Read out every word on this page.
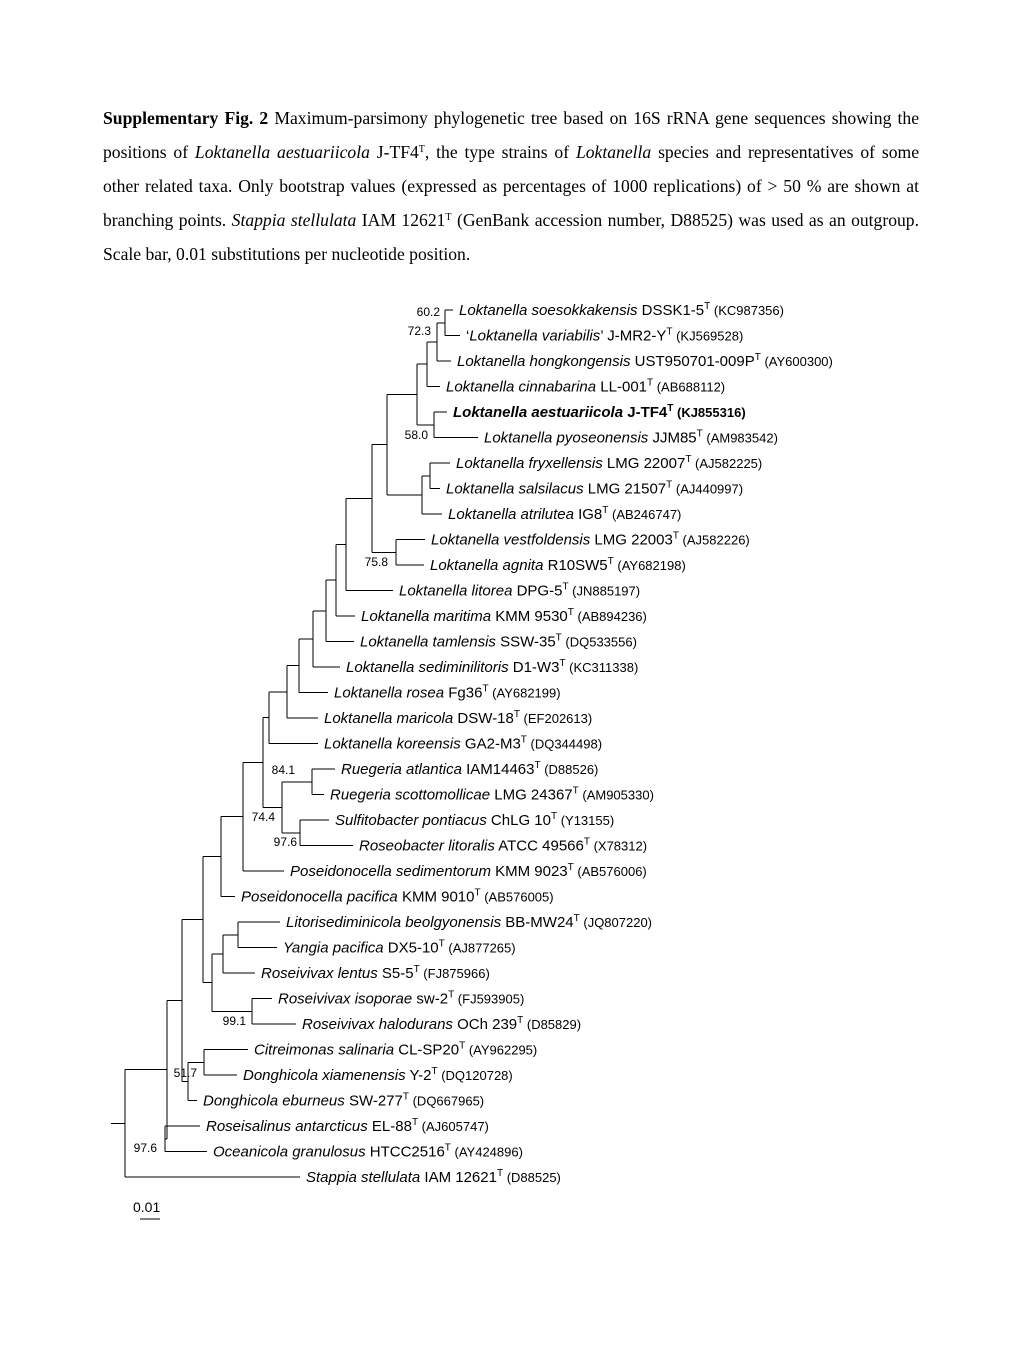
Supplementary Fig. 2 Maximum-parsimony phylogenetic tree based on 16S rRNA gene sequences showing the positions of Loktanella aestuariicola $J-TF4^T$, the type strains of Loktanella species and representatives of some other related taxa. Only bootstrap values (expressed as percentages of 1000 replications) of > 50 % are shown at branching points. Stappia stellulata IAM $12621^T$ (GenBank accession number, D88525) was used as an outgroup. Scale bar, 0.01 substitutions per nucleotide position.
Loktanella soesokkakensis $DSSK1-5^T$ (KC987356)
‘Loktanella variabilis’ $J-MR2-Y^T$ (KJ569528)
Loktanella hongkongensis $UST950701-009P^T$ (AY600300)
Loktanella cinnabarina $LL-001^T$ (AB688112)
Loktanella aestuariicola $J-TF4^T$ (KJ855316)
Loktanella pyoseonensis $JJM85^T$ (AM983542)
Loktanella fryxellensis LMG $22007^T$ (AJ582225)
Loktanella salsilacus LMG $21507^T$ (AJ440997)
Loktanella atrilutea $IG8^T$ (AB246747)
Loktanella vestfoldensis LMG $22003^T$ (AJ582226)
Loktanella agnita $R10SW5^T$ (AY682198)
Loktanella litorea DPG-$5^T$ (JN885197)
Loktanella maritima KMM $9530^T$ (AB894236)
Loktanella tamlensis SSW-$35^T$ (DQ533556)
Loktanella sediminilitoris $D1-W3^T$ (KC311338)
Loktanella rosea $Fg36^T$ (AY682199)
Loktanella maricola DSW-$18^T$ (EF202613)
Loktanella koreensis $GA2-M3^T$ (DQ344498)
Ruegeria atlantica $IAM14463^T$ (D88526)
Ruegeria scottomollicae LMG $24367^T$ (AM905330)
Sulfitobacter pontiacus ChLG $10^T$ (Y13155)
Roseobacter litoralis ATCC $49566^T$ (X78312)
Poseidonocella sedimentorum KMM $9023^T$ (AB576006)
Poseidonocella pacifica KMM $9010^T$ (AB576005)
Litorisediminicola beolgyonensis $BB-MW24^T$ (JQ807220)
Yangia pacifica $DX5-10^T$ (AJ877265)
Roseivivax lentus $S5-5^T$ (FJ875966)
Roseivivax isoporae $sw-2^T$ (FJ593905)
Roseivivax halodurans OCh $239^T$ (D85829)
Citreimonas salinaria $CL-SP20^T$ (AY962295)
Donghicola xiamenensis $Y-2^T$ (DQ120728)
Donghicola eburneus $SW-277^T$ (DQ667965)
Roseisalinus antarcticus $EL-88^T$ (AJ605747)
Oceanicola granulosus $HTCC2516^T$ (AY424896)
Stappia stellulata IAM $12621^T$ (D88525)
60.2
72.3
58.0
75.8
84.1
74.4
97.6
99.1
51.7
97.6
0.01
